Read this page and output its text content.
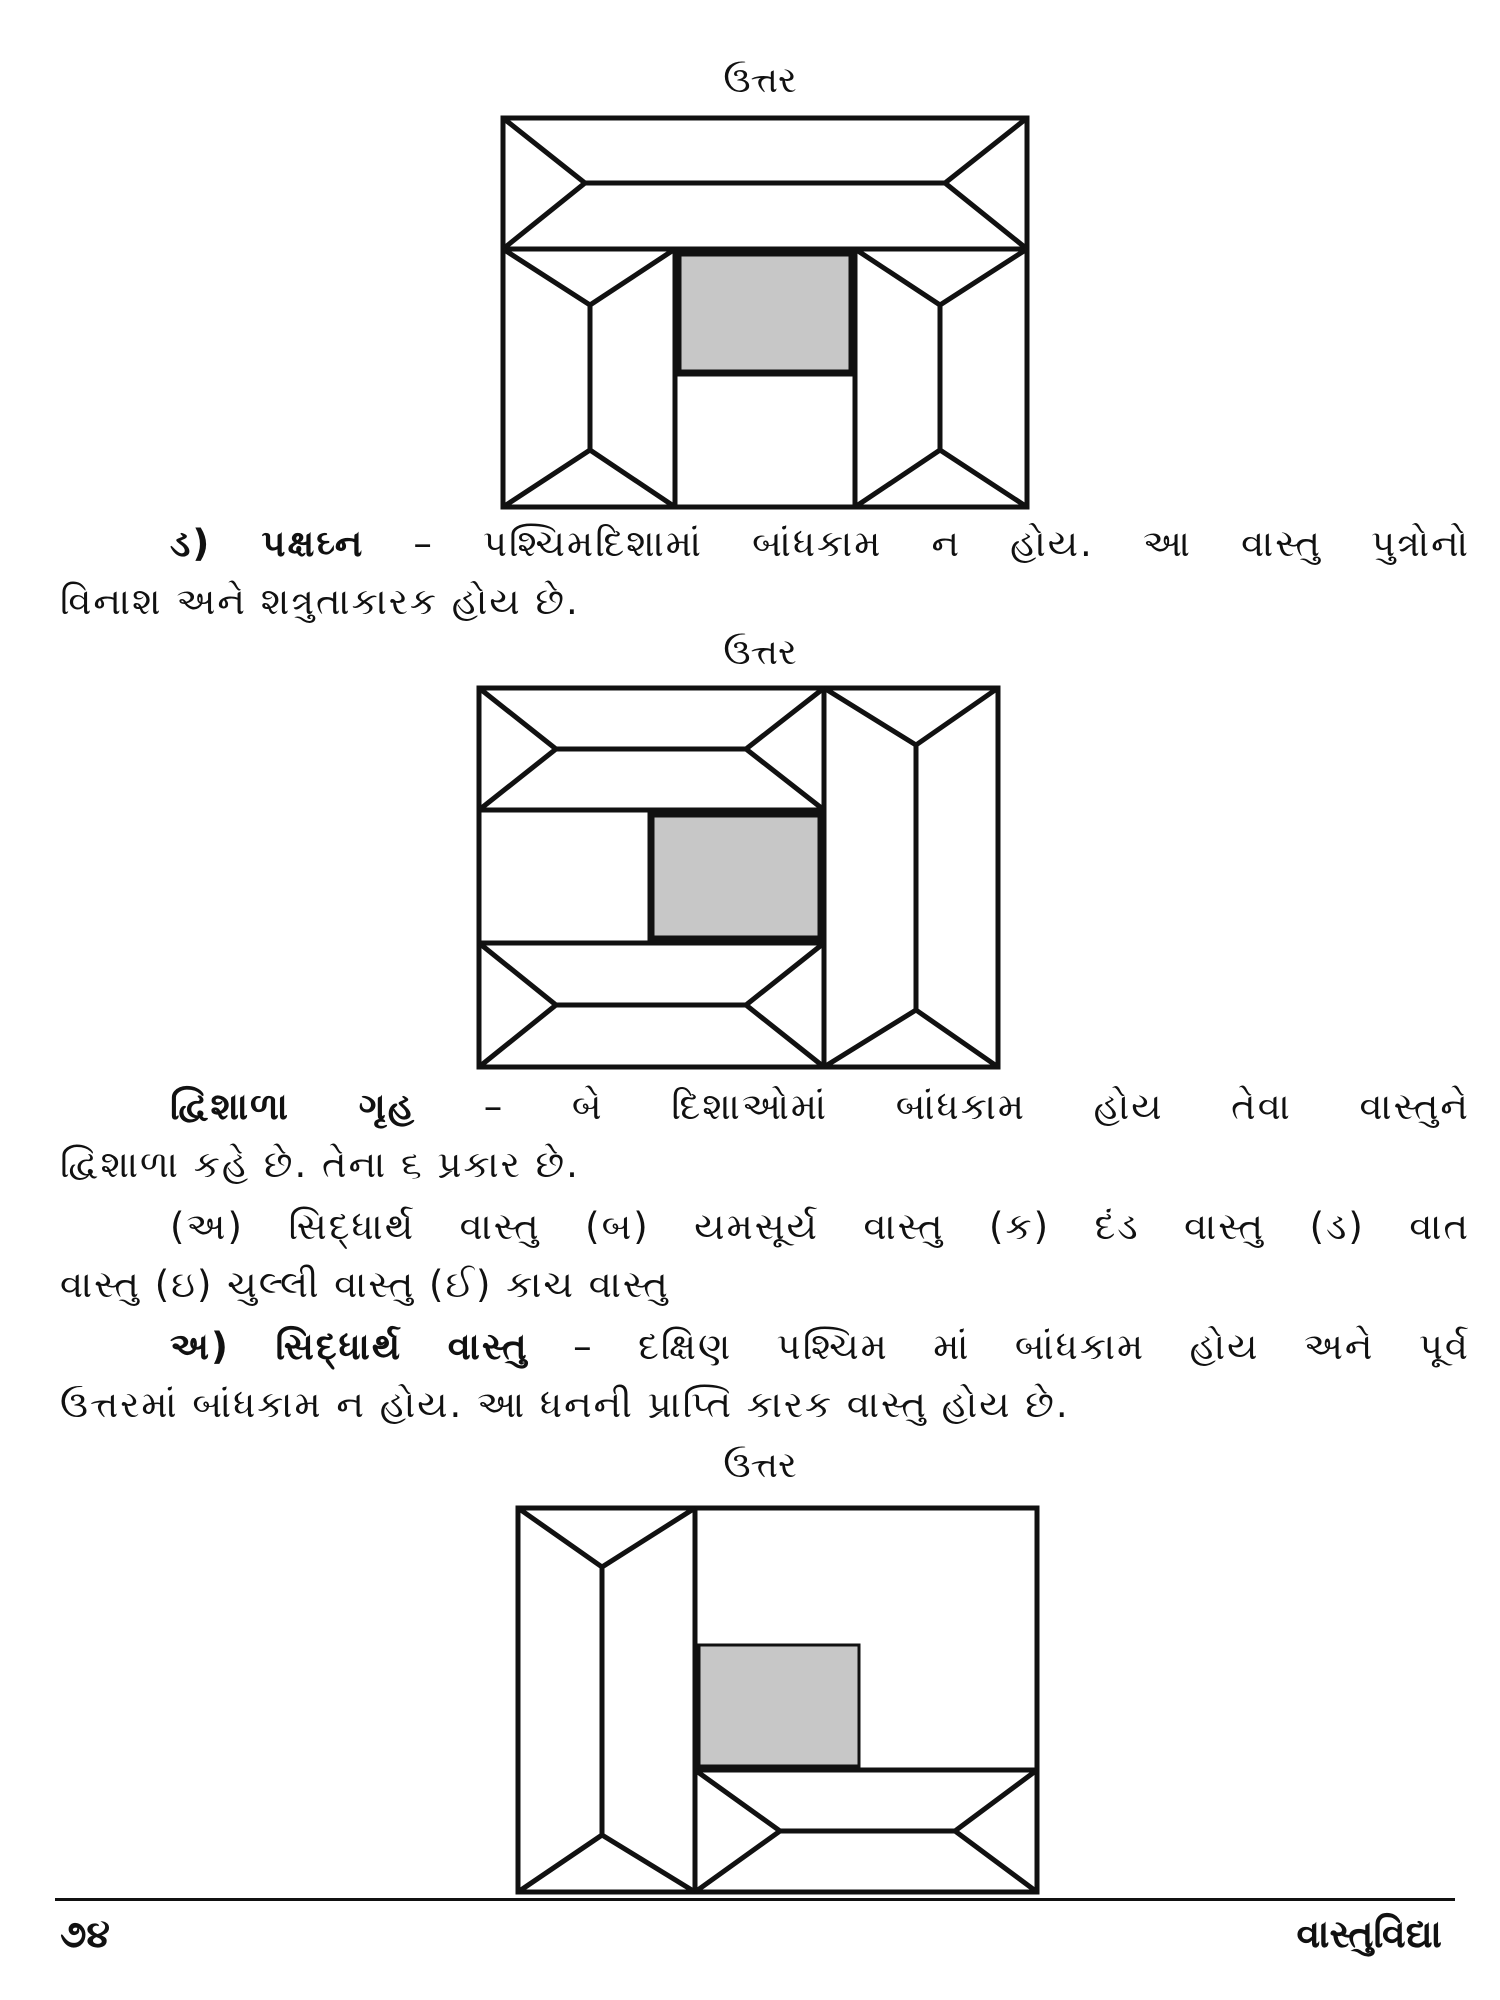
ઉત્તર
ડ) પક્ષઘ્ન – પશ્ચિમદિશામાં બાંધકામ ન હોય. આ વાસ્તુ પુત્રોનો
વિનાશ અને શત્રુતાકારક હોય છે.
ઉત્તર
દ્વિશાળા ગૃહ – બે દિશાઓમાં બાંધકામ હોય તેવા વાસ્તુને
દ્વિશાળા કહે છે. તેના ૬ પ્રકાર છે.
(અ) સિદ્ધાર્થ વાસ્તુ (બ) યમસૂર્ય વાસ્તુ (ક) દંડ વાસ્તુ (ડ) વાત
વાસ્તુ (ઇ) ચુલ્લી વાસ્તુ (ઈ) કાચ વાસ્તુ
અ) સિદ્ધાર્થ વાસ્તુ – દક્ષિણ પશ્ચિમ માં બાંધકામ હોય અને પૂર્વ
ઉત્તરમાં બાંધકામ ન હોય. આ ધનની પ્રાપ્તિ કારક વાસ્તુ હોય છે.
ઉત્તર
૭૪	વાસ્તુવિદ્યા
